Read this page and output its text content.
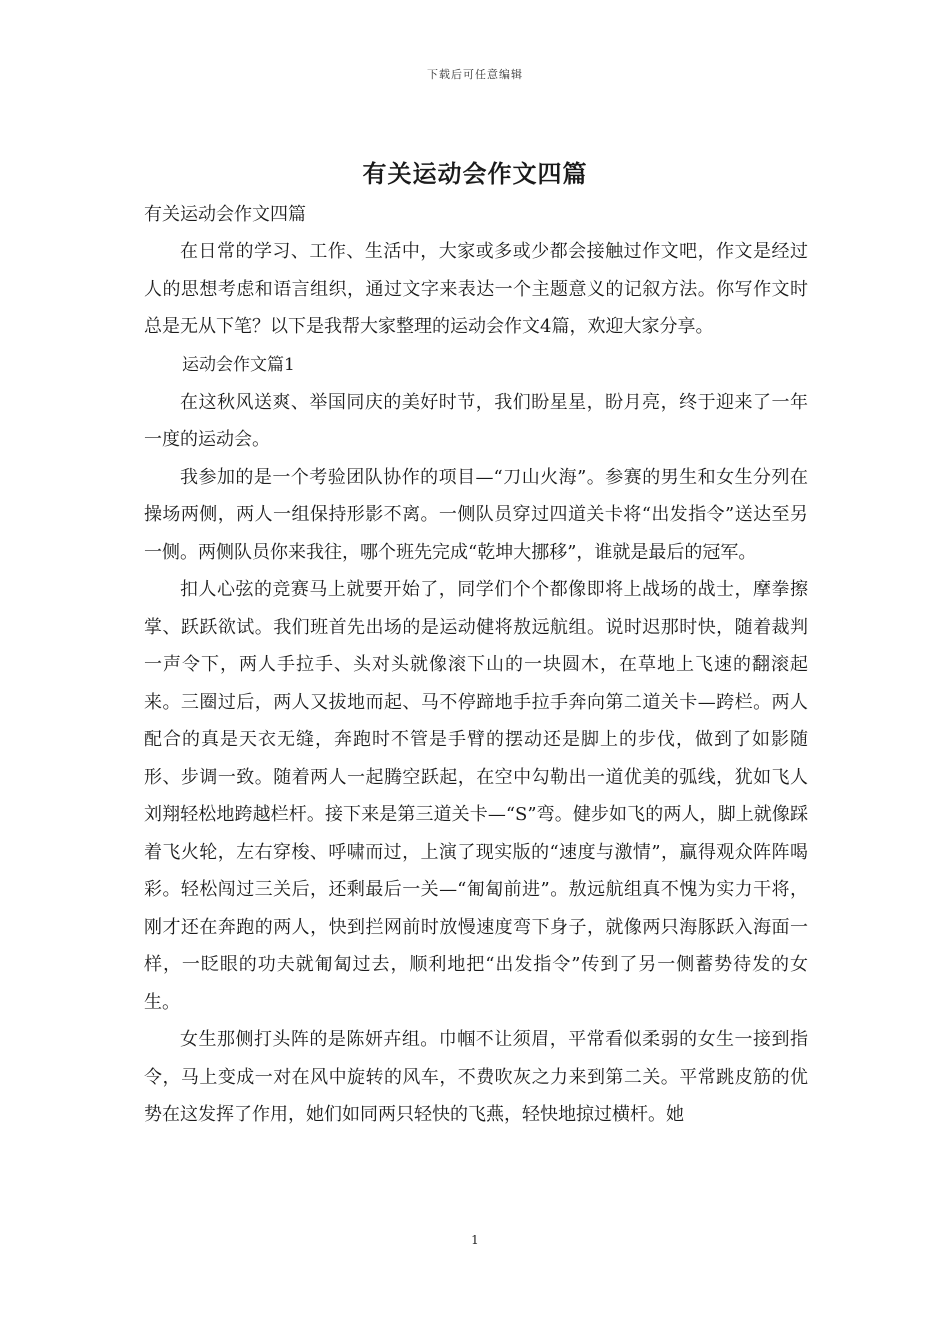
下载后可任意编辑
有关运动会作文四篇

有关运动会作文四篇

在日常的学习、工作、生活中，大家或多或少都会接触过作文吧，作文是经过人的思想考虑和语言组织，通过文字来表达一个主题意义的记叙方法。你写作文时总是无从下笔？以下是我帮大家整理的运动会作文4篇，欢迎大家分享。

运动会作文篇1

在这秋风送爽、举国同庆的美好时节，我们盼星星，盼月亮，终于迎来了一年一度的运动会。

我参加的是一个考验团队协作的项目—“刀山火海”。参赛的男生和女生分列在操场两侧，两人一组保持形影不离。一侧队员穿过四道关卡将“出发指令”送达至另一侧。两侧队员你来我往，哪个班先完成“乾坤大挪移”，谁就是最后的冠军。

扣人心弦的竞赛马上就要开始了，同学们个个都像即将上战场的战士，摩拳擦掌、跃跃欲试。我们班首先出场的是运动健将敖远航组。说时迟那时快，随着裁判一声令下，两人手拉手、头对头就像滚下山的一块圆木，在草地上飞速的翻滚起来。三圈过后，两人又拔地而起、马不停蹄地手拉手奔向第二道关卡—跨栏。两人配合的真是天衣无缝，奔跑时不管是手臂的摆动还是脚上的步伐，做到了如影随形、步调一致。随着两人一起腾空跃起，在空中勾勒出一道优美的弧线，犹如飞人刘翔轻松地跨越栏杆。接下来是第三道关卡—“S”弯。健步如飞的两人，脚上就像踩着飞火轮，左右穿梭、呼啸而过，上演了现实版的“速度与激情”，赢得观众阵阵喝彩。轻松闯过三关后，还剩最后一关—“匍匐前进”。敖远航组真不愧为实力干将，刚才还在奔跑的两人，快到拦网前时放慢速度弯下身子，就像两只海豚跃入海面一样，一眨眼的功夫就匍匐过去，顺利地把“出发指令”传到了另一侧蓄势待发的女生。

女生那侧打头阵的是陈妍卉组。巾帼不让须眉，平常看似柔弱的女生一接到指令，马上变成一对在风中旋转的风车，不费吹灰之力来到第二关。平常跳皮筋的优势在这发挥了作用，她们如同两只轻快的飞燕，轻快地掠过横杆。她

1
